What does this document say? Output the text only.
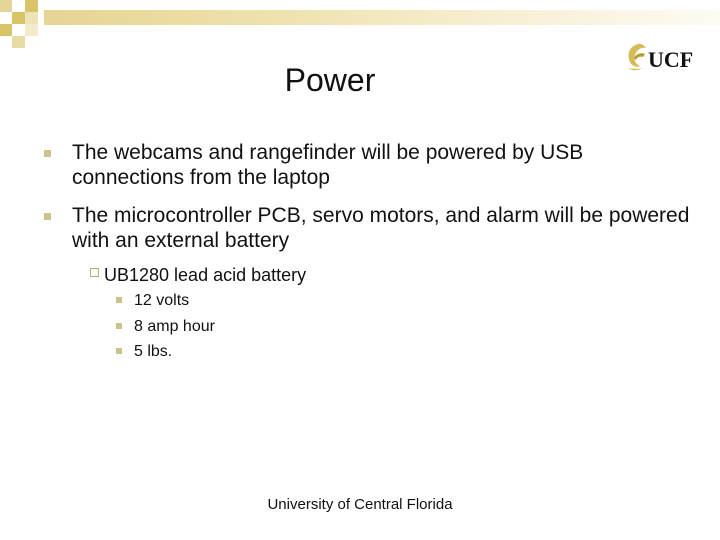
UCF
Power
The webcams and rangefinder will be powered by USB connections from the laptop
The microcontroller PCB, servo motors, and alarm will be powered with an external battery
UB1280 lead acid battery
12 volts
8 amp hour
5 lbs.
University of Central Florida
